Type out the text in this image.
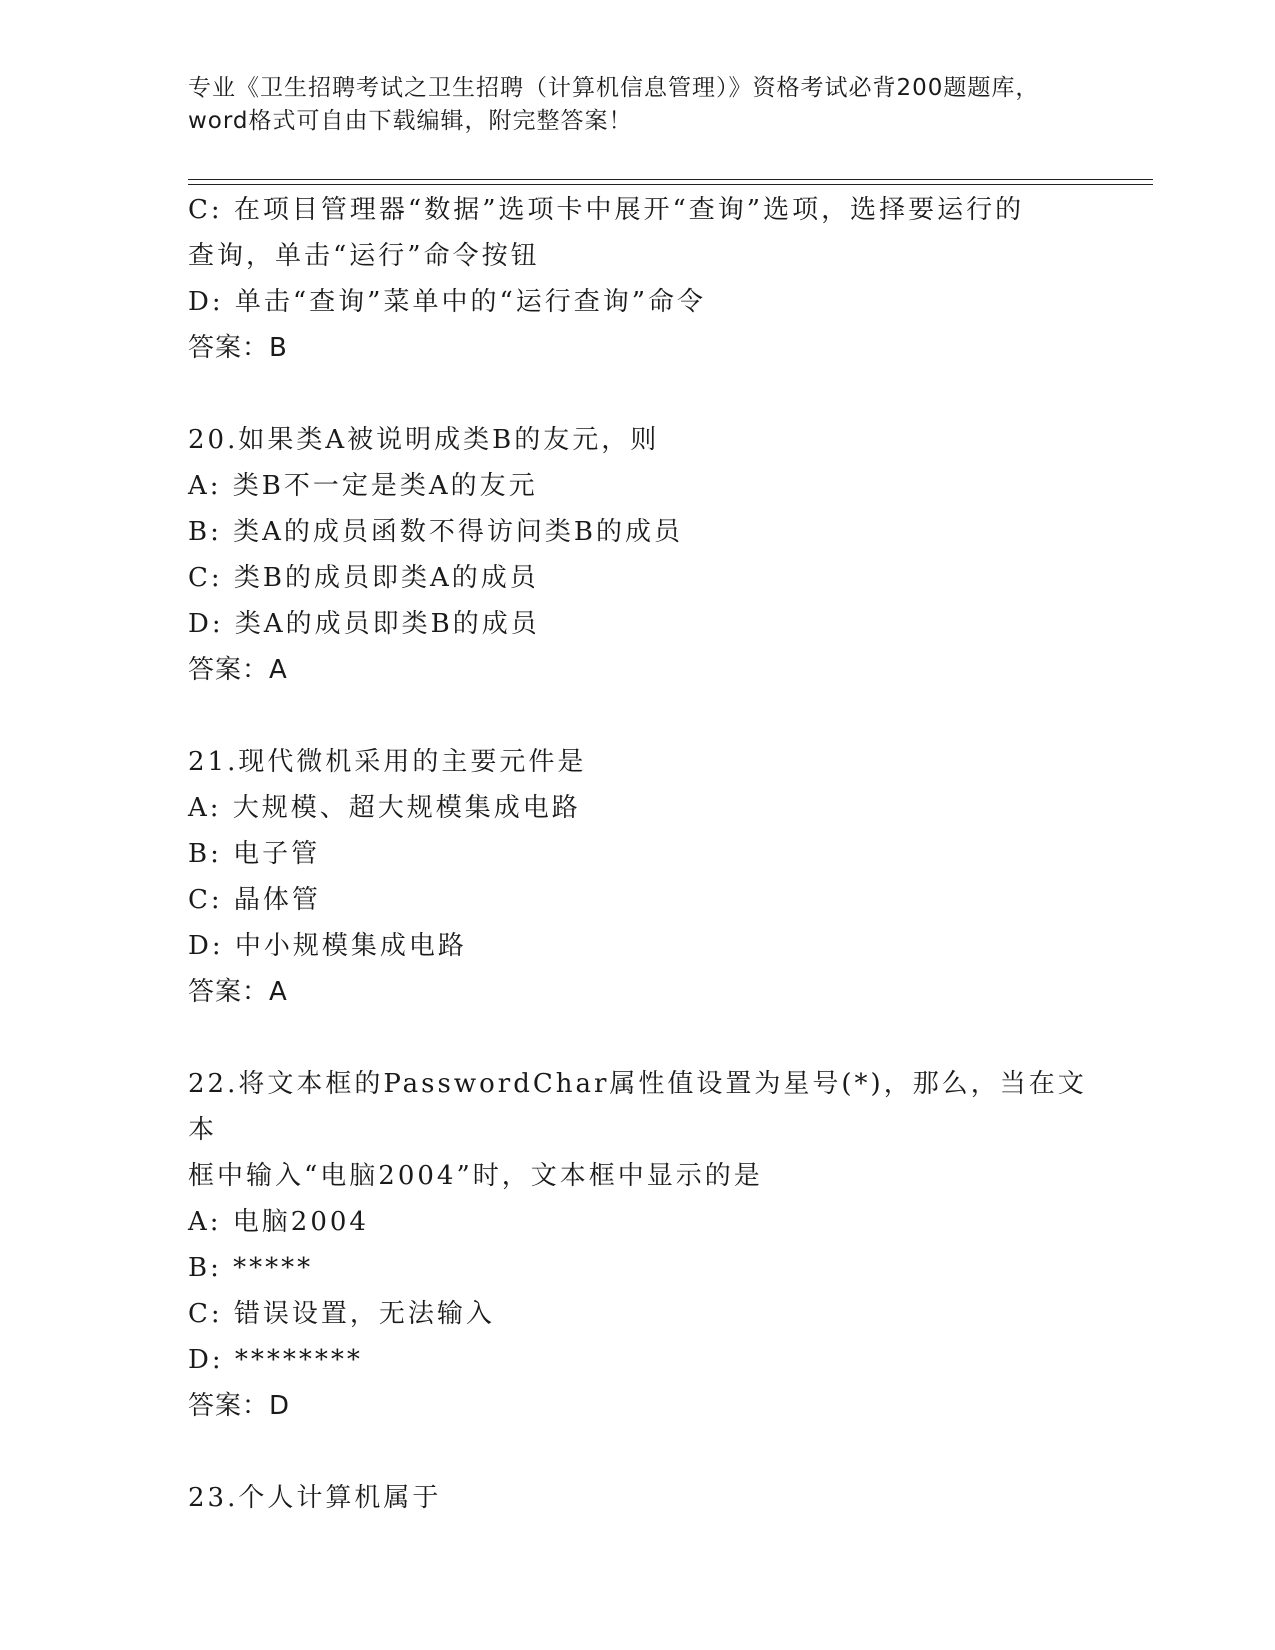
专业《卫生招聘考试之卫生招聘（计算机信息管理）》资格考试必背200题题库，
word格式可自由下载编辑，附完整答案！
C: 在项目管理器“数据”选项卡中展开“查询”选项，选择要运行的
查询，单击“运行”命令按钮
D: 单击“查询”菜单中的“运行查询”命令
答案：B
20.如果类A被说明成类B的友元，则
A: 类B不一定是类A的友元
B: 类A的成员函数不得访问类B的成员
C: 类B的成员即类A的成员
D: 类A的成员即类B的成员
答案：A
21.现代微机采用的主要元件是
A: 大规模、超大规模集成电路
B: 电子管
C: 晶体管
D: 中小规模集成电路
答案：A
22.将文本框的PasswordChar属性值设置为星号(*)，那么，当在文本
框中输入“电脑2004”时，文本框中显示的是
A: 电脑2004
B: *****
C: 错误设置，无法输入
D: ********
答案：D
23.个人计算机属于
